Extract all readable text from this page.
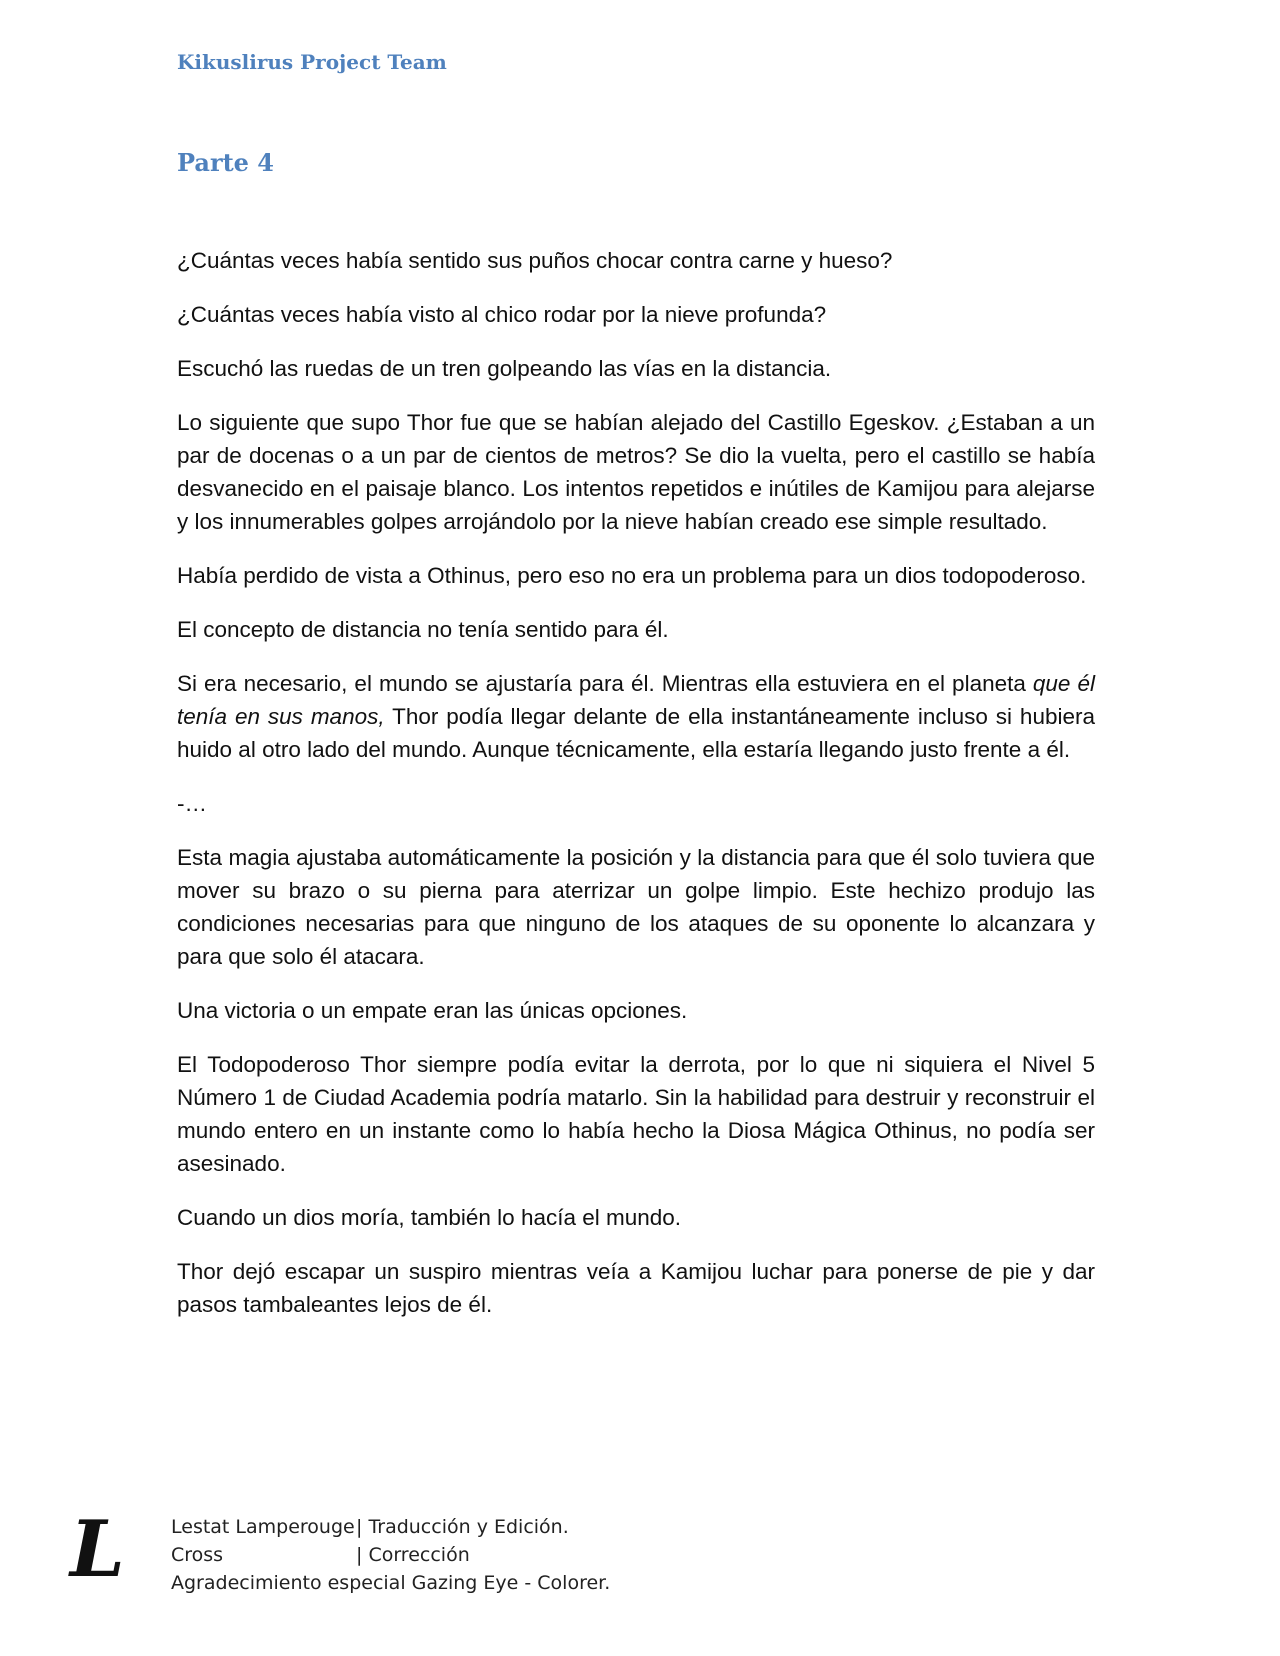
Kikuslirus Project Team
Parte 4

¿Cuántas veces había sentido sus puños chocar contra carne y hueso?

¿Cuántas veces había visto al chico rodar por la nieve profunda?

Escuchó las ruedas de un tren golpeando las vías en la distancia.

Lo siguiente que supo Thor fue que se habían alejado del Castillo Egeskov. ¿Estaban a un par de docenas o a un par de cientos de metros? Se dio la vuelta, pero el castillo se había desvanecido en el paisaje blanco. Los intentos repetidos e inútiles de Kamijou para alejarse y los innumerables golpes arrojándolo por la nieve habían creado ese simple resultado.

Había perdido de vista a Othinus, pero eso no era un problema para un dios todopoderoso.

El concepto de distancia no tenía sentido para él.

Si era necesario, el mundo se ajustaría para él. Mientras ella estuviera en el planeta que él tenía en sus manos, Thor podía llegar delante de ella instantáneamente incluso si hubiera huido al otro lado del mundo. Aunque técnicamente, ella estaría llegando justo frente a él.

-…

Esta magia ajustaba automáticamente la posición y la distancia para que él solo tuviera que mover su brazo o su pierna para aterrizar un golpe limpio. Este hechizo produjo las condiciones necesarias para que ninguno de los ataques de su oponente lo alcanzara y para que solo él atacara.

Una victoria o un empate eran las únicas opciones.

El Todopoderoso Thor siempre podía evitar la derrota, por lo que ni siquiera el Nivel 5 Número 1 de Ciudad Academia podría matarlo. Sin la habilidad para destruir y reconstruir el mundo entero en un instante como lo había hecho la Diosa Mágica Othinus, no podía ser asesinado.

Cuando un dios moría, también lo hacía el mundo.

Thor dejó escapar un suspiro mientras veía a Kamijou luchar para ponerse de pie y dar pasos tambaleantes lejos de él.

L Lestat Lamperouge | Traducción y Edición.
Cross	| Corrección
Agradecimiento especial Gazing Eye - Colorer.
